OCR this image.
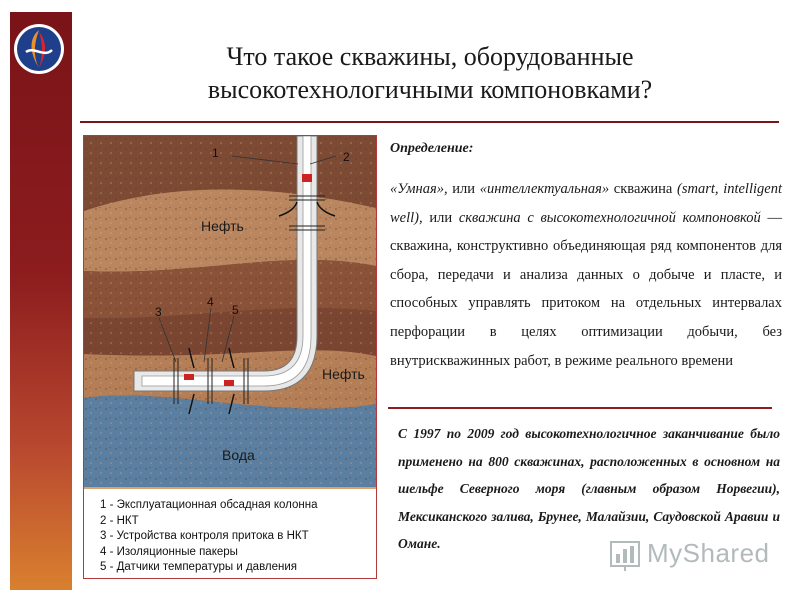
Что такое скважины, оборудованные
высокотехнологичными компоновками?
1	2
3
4
5
Нефть
Нефть
Вода
1 - Эксплуатационная обсадная колонна
2 - НКТ
3 - Устройства контроля притока в НКТ
4 - Изоляционные пакеры
5 - Датчики температуры и давления
Определение:
«Умная», или «интеллектуальная» скважина (smart, intelligent well), или скважина с высокотехнологичной компоновкой — скважина, конструктивно объединяющая ряд компонентов для сбора, передачи и анализа данных о добыче и пласте, и способных управлять притоком на отдельных интервалах перфорации в целях оптимизации добычи, без внутрискважинных работ, в режиме реального времени
С 1997 по 2009 год высокотехнологичное заканчивание было применено на 800 скважинах, расположенных в основном на шельфе Северного моря (главным образом Норвегии), Мексиканского залива, Брунее, Малайзии, Саудовской Аравии и Омане.	MyShared
